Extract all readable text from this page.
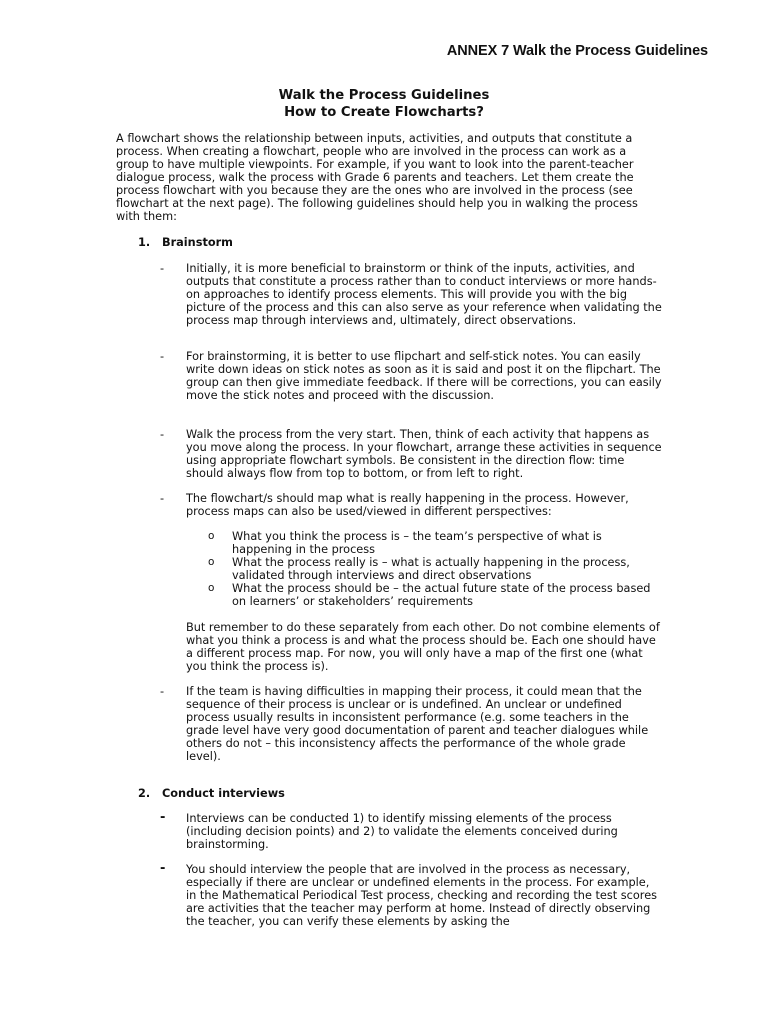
ANNEX 7 Walk the Process Guidelines
Walk the Process Guidelines
How to Create Flowcharts?
A flowchart shows the relationship between inputs, activities, and outputs that constitute a process. When creating a flowchart, people who are involved in the process can work as a group to have multiple viewpoints. For example, if you want to look into the parent-teacher dialogue process, walk the process with Grade 6 parents and teachers. Let them create the process flowchart with you because they are the ones who are involved in the process (see flowchart at the next page). The following guidelines should help you in walking the process with them:
1.	Brainstorm
-	Initially, it is more beneficial to brainstorm or think of the inputs, activities, and outputs that constitute a process rather than to conduct interviews or more hands-on approaches to identify process elements. This will provide you with the big picture of the process and this can also serve as your reference when validating the process map through interviews and, ultimately, direct observations.
-	For brainstorming, it is better to use flipchart and self-stick notes. You can easily write down ideas on stick notes as soon as it is said and post it on the flipchart. The group can then give immediate feedback. If there will be corrections, you can easily move the stick notes and proceed with the discussion.
-	Walk the process from the very start. Then, think of each activity that happens as you move along the process. In your flowchart, arrange these activities in sequence using appropriate flowchart symbols. Be consistent in the direction flow: time should always flow from top to bottom, or from left to right.
-	The flowchart/s should map what is really happening in the process. However, process maps can also be used/viewed in different perspectives:
o What you think the process is – the team’s perspective of what is happening in the process
o What the process really is – what is actually happening in the process, validated through interviews and direct observations
o What the process should be – the actual future state of the process based on learners’ or stakeholders’ requirements
But remember to do these separately from each other. Do not combine elements of what you think a process is and what the process should be. Each one should have a different process map. For now, you will only have a map of the first one (what you think the process is).
-	If the team is having difficulties in mapping their process, it could mean that the sequence of their process is unclear or is undefined. An unclear or undefined process usually results in inconsistent performance (e.g. some teachers in the grade level have very good documentation of parent and teacher dialogues while others do not – this inconsistency affects the performance of the whole grade level).
2.	Conduct interviews
-	Interviews can be conducted 1) to identify missing elements of the process (including decision points) and 2) to validate the elements conceived during brainstorming.
-	You should interview the people that are involved in the process as necessary, especially if there are unclear or undefined elements in the process. For example, in the Mathematical Periodical Test process, checking and recording the test scores are activities that the teacher may perform at home. Instead of directly observing the teacher, you can verify these elements by asking the
